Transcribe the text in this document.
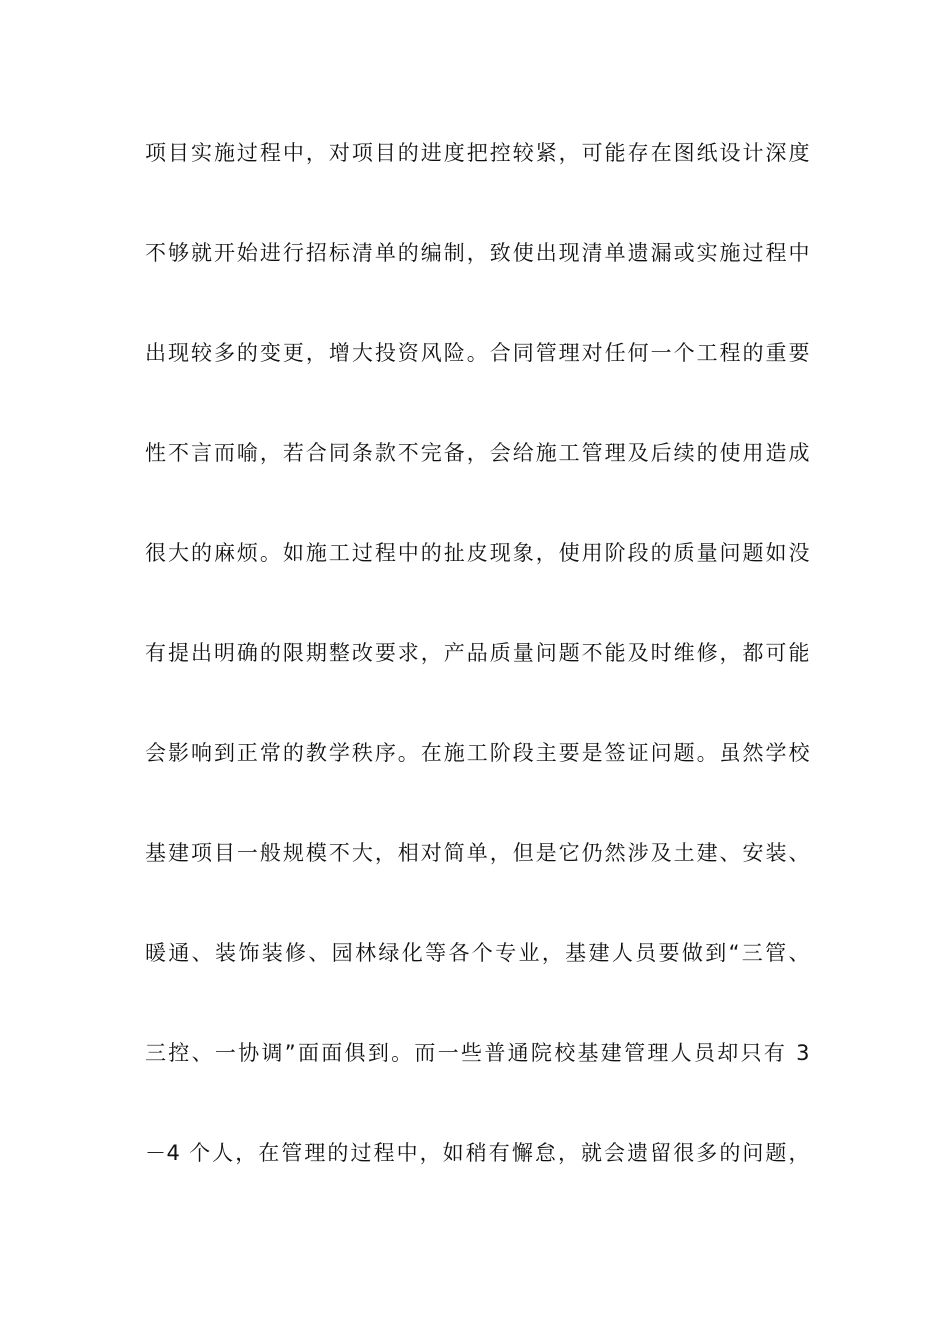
项目实施过程中，对项目的进度把控较紧，可能存在图纸设计深度
不够就开始进行招标清单的编制，致使出现清单遗漏或实施过程中
出现较多的变更，增大投资风险。合同管理对任何一个工程的重要
性不言而喻，若合同条款不完备，会给施工管理及后续的使用造成
很大的麻烦。如施工过程中的扯皮现象，使用阶段的质量问题如没
有提出明确的限期整改要求，产品质量问题不能及时维修，都可能
会影响到正常的教学秩序。在施工阶段主要是签证问题。虽然学校
基建项目一般规模不大，相对简单，但是它仍然涉及土建、安装、
暖通、装饰装修、园林绿化等各个专业，基建人员要做到“三管、
三控、一协调”面面俱到。而一些普通院校基建管理人员却只有 3
－4 个人，在管理的过程中，如稍有懈怠，就会遗留很多的问题，
